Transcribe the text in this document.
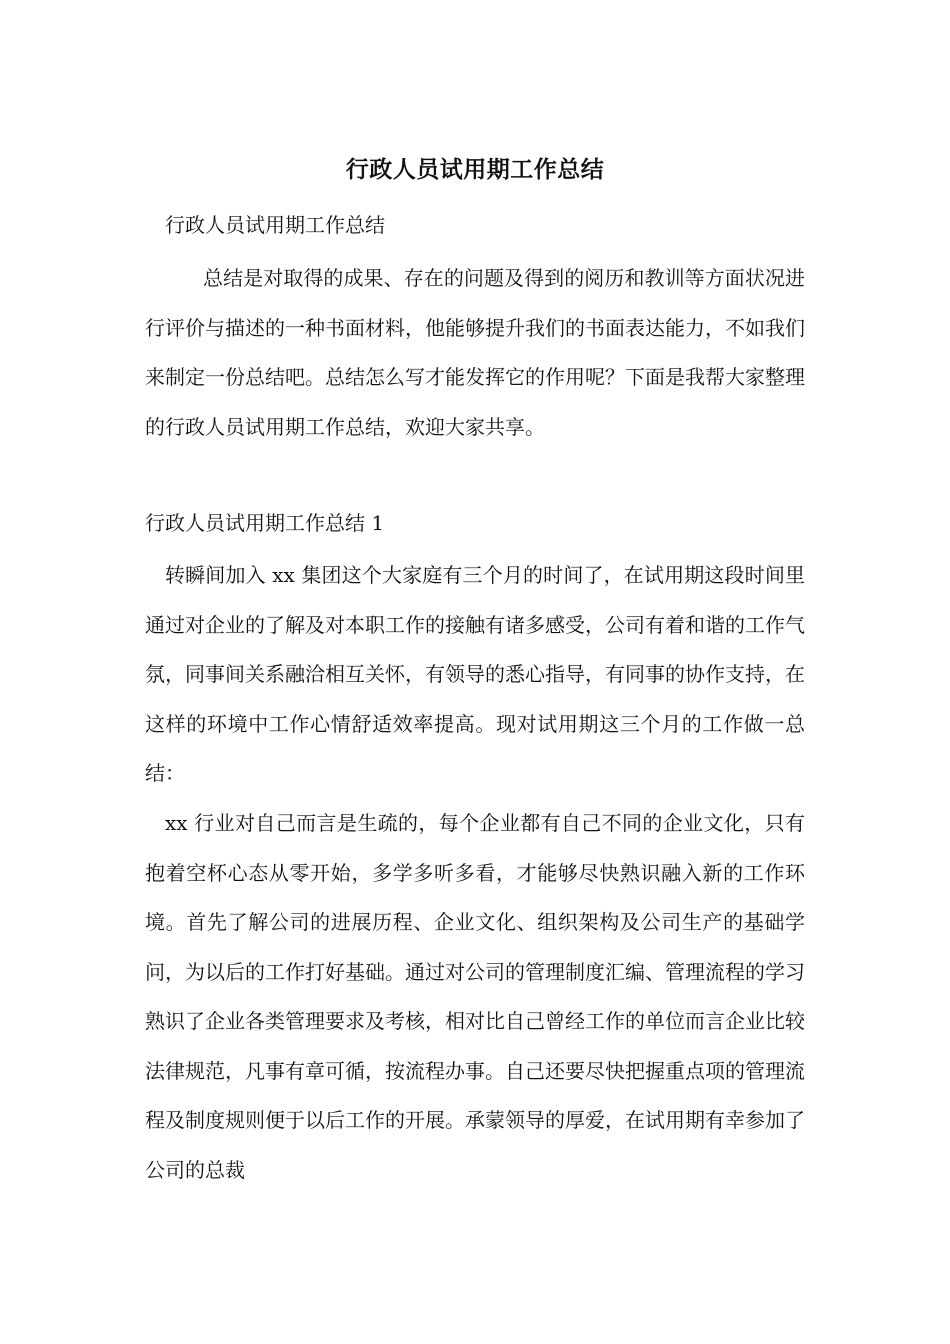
行政人员试用期工作总结
行政人员试用期工作总结

总结是对取得的成果、存在的问题及得到的阅历和教训等方面状况进行评价与描述的一种书面材料，他能够提升我们的书面表达能力，不如我们来制定一份总结吧。总结怎么写才能发挥它的作用呢？下面是我帮大家整理的行政人员试用期工作总结，欢迎大家共享。

行政人员试用期工作总结 1

转瞬间加入 xx 集团这个大家庭有三个月的时间了，在试用期这段时间里通过对企业的了解及对本职工作的接触有诸多感受，公司有着和谐的工作气氛，同事间关系融洽相互关怀，有领导的悉心指导，有同事的协作支持，在这样的环境中工作心情舒适效率提高。现对试用期这三个月的工作做一总结：

xx 行业对自己而言是生疏的，每个企业都有自己不同的企业文化，只有抱着空杯心态从零开始，多学多听多看，才能够尽快熟识融入新的工作环境。首先了解公司的进展历程、企业文化、组织架构及公司生产的基础学问，为以后的工作打好基础。通过对公司的管理制度汇编、管理流程的学习熟识了企业各类管理要求及考核，相对比自己曾经工作的单位而言企业比较法律规范，凡事有章可循，按流程办事。自己还要尽快把握重点项的管理流程及制度规则便于以后工作的开展。承蒙领导的厚爱，在试用期有幸参加了公司的总裁
